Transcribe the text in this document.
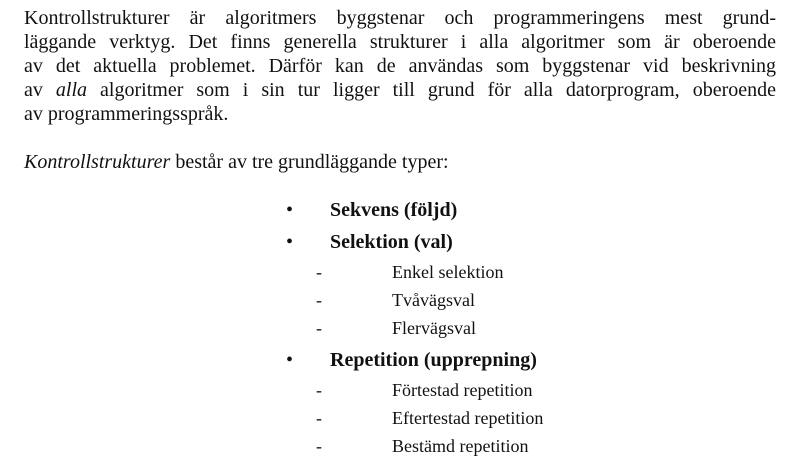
Kontrollstrukturer är algoritmers byggstenar och programmeringens mest grund-
läggande verktyg. Det finns generella strukturer i alla algoritmer som är oberoende
av det aktuella problemet. Därför kan de användas som byggstenar vid beskrivning
av alla algoritmer som i sin tur ligger till grund för alla datorprogram, oberoende
av programmeringsspråk.

Kontrollstrukturer består av tre grundläggande typer:

• Sekvens (följd)
• Selektion (val)
-	Enkel selektion
-	Tvåvägsval
-	Flervägsval
• Repetition (upprepning)
-	Förtestad repetition
-	Eftertestad repetition
-	Bestämd repetition
